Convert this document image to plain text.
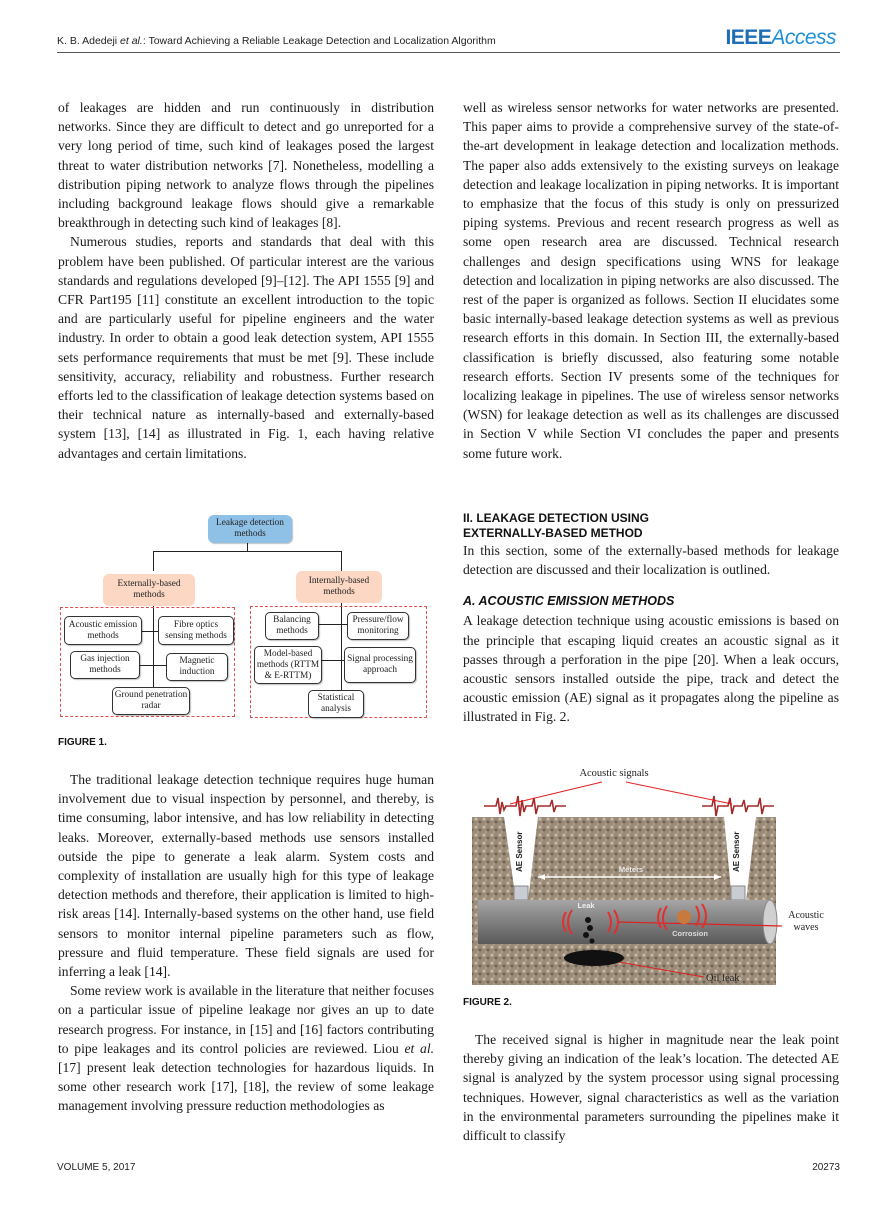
K. B. Adedeji et al.: Toward Achieving a Reliable Leakage Detection and Localization Algorithm	IEEEAccess

of leakages are hidden and run continuously in distribution networks. Since they are difficult to detect and go unreported for a very long period of time, such kind of leakages posed the largest threat to water distribution networks [7]. Nonetheless, modelling a distribution piping network to analyze flows through the pipelines including background leakage flows should give a remarkable breakthrough in detecting such kind of leakages [8].

Numerous studies, reports and standards that deal with this problem have been published. Of particular interest are the various standards and regulations developed [9]–[12]. The API 1555 [9] and CFR Part195 [11] constitute an excellent introduction to the topic and are particularly useful for pipeline engineers and the water industry. In order to obtain a good leak detection system, API 1555 sets performance requirements that must be met [9]. These include sensitivity, accuracy, reliability and robustness. Further research efforts led to the classification of leakage detection systems based on their technical nature as internally-based and externally-based system [13], [14] as illustrated in Fig. 1, each having relative advantages and certain limitations.

Leakage detection methods
Externally-based methods
Internally-based methods
Acoustic emission methods
Fibre optics sensing methods
Gas injection methods
Magnetic induction
Ground penetration radar
Balancing methods
Pressure/flow monitoring
Model-based methods (RTTM & E-RTTM)
Signal processing approach
Statistical analysis
FIGURE 1.

The traditional leakage detection technique requires huge human involvement due to visual inspection by personnel, and thereby, is time consuming, labor intensive, and has low reliability in detecting leaks. Moreover, externally-based methods use sensors installed outside the pipe to generate a leak alarm. System costs and complexity of installation are usually high for this type of leakage detection methods and therefore, their application is limited to high-risk areas [14]. Internally-based systems on the other hand, use field sensors to monitor internal pipeline parameters such as flow, pressure and fluid temperature. These field signals are used for inferring a leak [14].

Some review work is available in the literature that neither focuses on a particular issue of pipeline leakage nor gives an up to date research progress. For instance, in [15] and [16] factors contributing to pipe leakages and its control policies are reviewed. Liou et al. [17] present leak detection technologies for hazardous liquids. In some other research work [17], [18], the review of some leakage management involving pressure reduction methodologies as

well as wireless sensor networks for water networks are presented. This paper aims to provide a comprehensive survey of the state-of-the-art development in leakage detection and localization methods. The paper also adds extensively to the existing surveys on leakage detection and leakage localization in piping networks. It is important to emphasize that the focus of this study is only on pressurized piping systems. Previous and recent research progress as well as some open research area are discussed. Technical research challenges and design specifications using WNS for leakage detection and localization in piping networks are also discussed. The rest of the paper is organized as follows. Section II elucidates some basic internally-based leakage detection systems as well as previous research efforts in this domain. In Section III, the externally-based classification is briefly discussed, also featuring some notable research efforts. Section IV presents some of the techniques for localizing leakage in pipelines. The use of wireless sensor networks (WSN) for leakage detection as well as its challenges are discussed in Section V while Section VI concludes the paper and presents some future work.

II. LEAKAGE DETECTION USING
EXTERNALLY-BASED METHOD

In this section, some of the externally-based methods for leakage detection are discussed and their localization is outlined.

A. ACOUSTIC EMISSION METHODS

A leakage detection technique using acoustic emissions is based on the principle that escaping liquid creates an acoustic signal as it passes through a perforation in the pipe [20]. When a leak occurs, acoustic sensors installed outside the pipe, track and detect the acoustic emission (AE) signal as it propagates along the pipeline as illustrated in Fig. 2.

Acoustic signals
AE Sensor	AE Sensor
Meters
Leak
Corrosion
Acoustic
waves
Oil leak
FIGURE 2.

The received signal is higher in magnitude near the leak point thereby giving an indication of the leak’s location. The detected AE signal is analyzed by the system processor using signal processing techniques. However, signal characteristics as well as the variation in the environmental parameters surrounding the pipelines make it difficult to classify

VOLUME 5, 2017	20273
